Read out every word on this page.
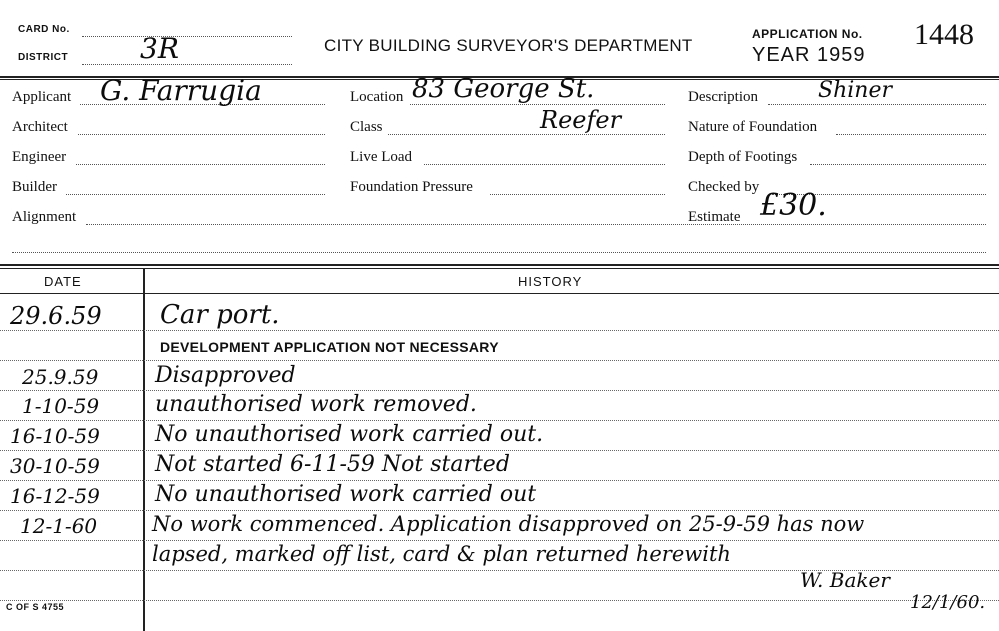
CARD No.
DISTRICT	3R	CITY BUILDING SURVEYOR'S DEPARTMENT
APPLICATION No. 1448
YEAR 1959
Applicant G. Farrugia
Architect
Engineer
Builder
Alignment
Location 83 George St.
Class	Reefer
Live Load
Foundation Pressure
Description	Shiner
Nature of Foundation
Depth of Footings
Checked by
Estimate £30.
DATE	HISTORY
29.6.59 Car port.
DEVELOPMENT APPLICATION NOT NECESSARY
25.9.59	Disapproved
1-10-59	unauthorised work removed.
16-10-59	No unauthorised work carried out.
30-10-59	Not started 6-11-59 Not started
16-12-59	No unauthorised work carried out
12-1-60	No work commenced. Application disapproved on 25-9-59 has now
lapsed, marked off list, card & plan returned herewith
W. Baker
12/1/60.
C OF S 4755
